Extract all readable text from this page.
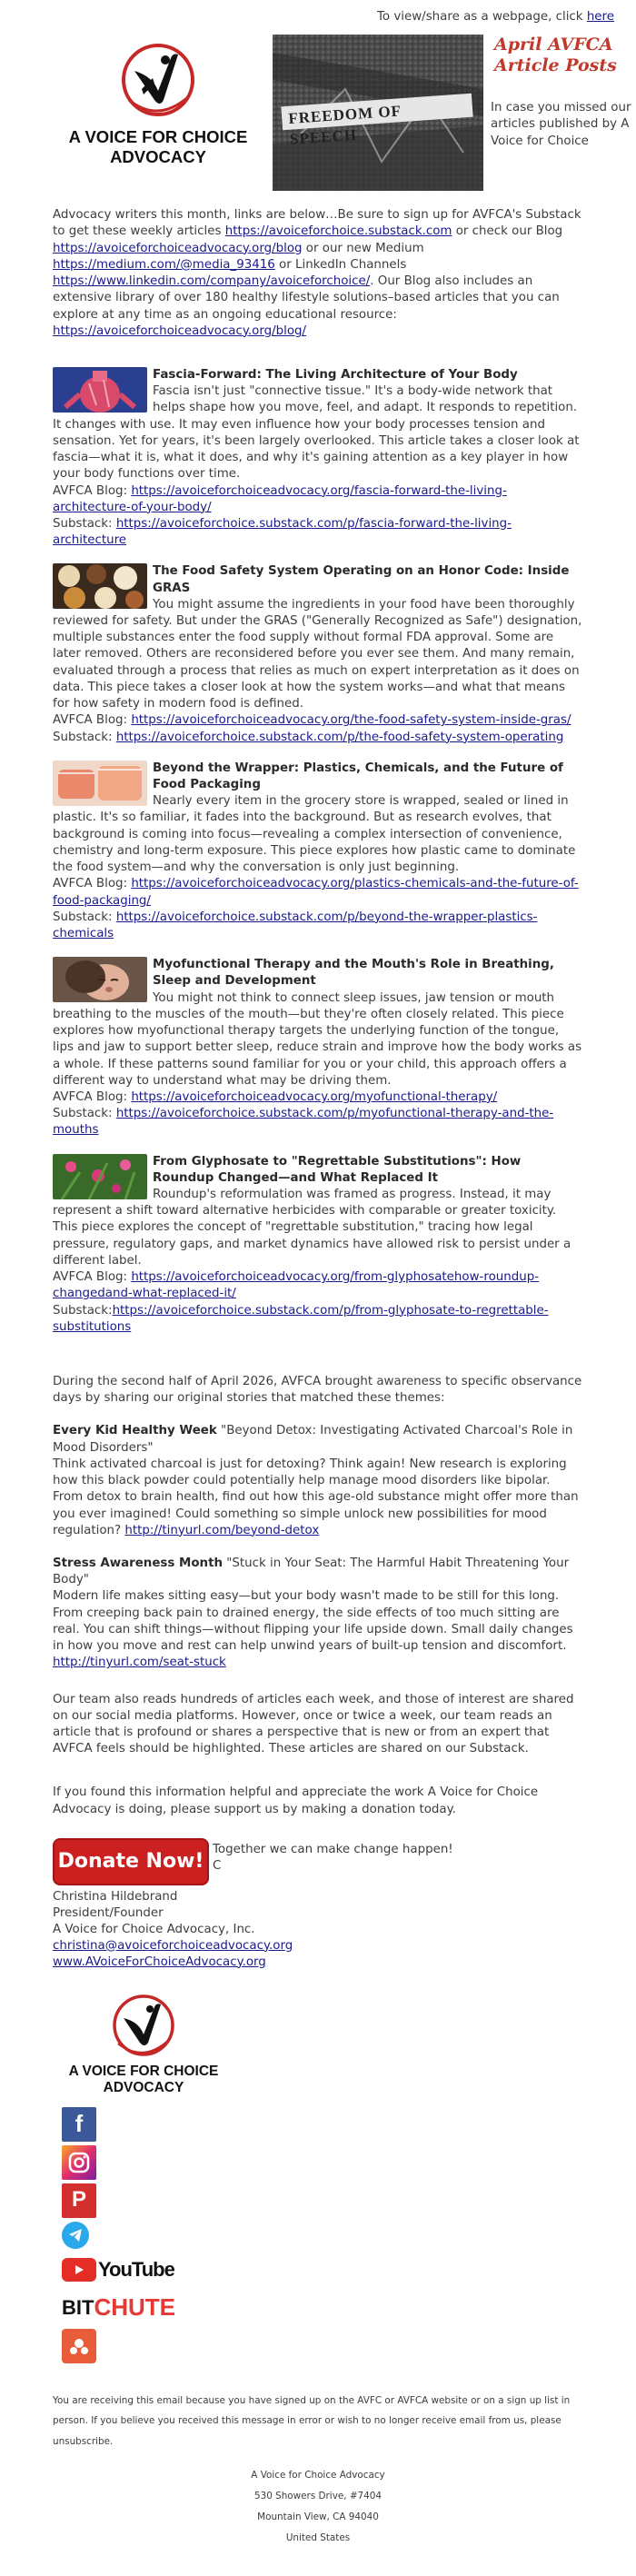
To view/share as a webpage, click here
A VOICE FOR CHOICE
ADVOCACY
FREEDOM OF SPEECH
April AVFCA Article Posts
In case you missed our articles published by A Voice for Choice
Advocacy writers this month, links are below…Be sure to sign up for AVFCA's Substack to get these weekly articles https://avoiceforchoice.substack.com or check our Blog https://avoiceforchoiceadvocacy.org/blog or our new Medium https://medium.com/@media_93416 or LinkedIn Channels https://www.linkedin.com/company/avoiceforchoice/. Our Blog also includes an extensive library of over 180 healthy lifestyle solutions–based articles that you can explore at any time as an ongoing educational resource: https://avoiceforchoiceadvocacy.org/blog/
Fascia-Forward: The Living Architecture of Your Body
Fascia isn't just "connective tissue." It's a body-wide network that helps shape how you move, feel, and adapt. It responds to repetition. It changes with use. It may even influence how your body processes tension and sensation. Yet for years, it's been largely overlooked. This article takes a closer look at fascia—what it is, what it does, and why it's gaining attention as a key player in how your body functions over time.
AVFCA Blog: https://avoiceforchoiceadvocacy.org/fascia-forward-the-living-architecture-of-your-body/
Substack: https://avoiceforchoice.substack.com/p/fascia-forward-the-living-architecture
The Food Safety System Operating on an Honor Code: Inside GRAS
You might assume the ingredients in your food have been thoroughly reviewed for safety. But under the GRAS ("Generally Recognized as Safe") designation, multiple substances enter the food supply without formal FDA approval. Some are later removed. Others are reconsidered before you ever see them. And many remain, evaluated through a process that relies as much on expert interpretation as it does on data. This piece takes a closer look at how the system works—and what that means for how safety in modern food is defined.
AVFCA Blog: https://avoiceforchoiceadvocacy.org/the-food-safety-system-inside-gras/
Substack: https://avoiceforchoice.substack.com/p/the-food-safety-system-operating
Beyond the Wrapper: Plastics, Chemicals, and the Future of Food Packaging
Nearly every item in the grocery store is wrapped, sealed or lined in plastic. It's so familiar, it fades into the background. But as research evolves, that background is coming into focus—revealing a complex intersection of convenience, chemistry and long-term exposure. This piece explores how plastic came to dominate the food system—and why the conversation is only just beginning.
AVFCA Blog: https://avoiceforchoiceadvocacy.org/plastics-chemicals-and-the-future-of-food-packaging/
Substack: https://avoiceforchoice.substack.com/p/beyond-the-wrapper-plastics-chemicals
Myofunctional Therapy and the Mouth's Role in Breathing, Sleep and Development
You might not think to connect sleep issues, jaw tension or mouth breathing to the muscles of the mouth—but they're often closely related. This piece explores how myofunctional therapy targets the underlying function of the tongue, lips and jaw to support better sleep, reduce strain and improve how the body works as a whole. If these patterns sound familiar for you or your child, this approach offers a different way to understand what may be driving them.
AVFCA Blog: https://avoiceforchoiceadvocacy.org/myofunctional-therapy/
Substack: https://avoiceforchoice.substack.com/p/myofunctional-therapy-and-the-mouths
From Glyphosate to "Regrettable Substitutions": How Roundup Changed—and What Replaced It
Roundup's reformulation was framed as progress. Instead, it may represent a shift toward alternative herbicides with comparable or greater toxicity. This piece explores the concept of "regrettable substitution," tracing how legal pressure, regulatory gaps, and market dynamics have allowed risk to persist under a different label.
AVFCA Blog: https://avoiceforchoiceadvocacy.org/from-glyphosatehow-roundup-changedand-what-replaced-it/
Substack:https://avoiceforchoice.substack.com/p/from-glyphosate-to-regrettable-substitutions
During the second half of April 2026, AVFCA brought awareness to specific observance days by sharing our original stories that matched these themes:
Every Kid Healthy Week "Beyond Detox: Investigating Activated Charcoal's Role in Mood Disorders"
Think activated charcoal is just for detoxing? Think again! New research is exploring how this black powder could potentially help manage mood disorders like bipolar. From detox to brain health, find out how this age-old substance might offer more than you ever imagined! Could something so simple unlock new possibilities for mood regulation? http://tinyurl.com/beyond-detox
Stress Awareness Month "Stuck in Your Seat: The Harmful Habit Threatening Your Body"
Modern life makes sitting easy—but your body wasn't made to be still for this long. From creeping back pain to drained energy, the side effects of too much sitting are real. You can shift things—without flipping your life upside down. Small daily changes in how you move and rest can help unwind years of built-up tension and discomfort.
http://tinyurl.com/seat-stuck
Our team also reads hundreds of articles each week, and those of interest are shared on our social media platforms. However, once or twice a week, our team reads an article that is profound or shares a perspective that is new or from an expert that AVFCA feels should be highlighted. These articles are shared on our Substack.
If you found this information helpful and appreciate the work A Voice for Choice Advocacy is doing, please support us by making a donation today.
Donate Now!
Together we can make change happen!
C
Christina Hildebrand
President/Founder
A Voice for Choice Advocacy, Inc.
christina@avoiceforchoiceadvocacy.org
www.AVoiceForChoiceAdvocacy.org
A VOICE FOR CHOICE
ADVOCACY
f
P
YouTube
BIT CHUTE
You are receiving this email because you have signed up on the AVFC or AVFCA website or on a sign up list in person. If you believe you received this message in error or wish to no longer receive email from us, please unsubscribe.
A Voice for Choice Advocacy
530 Showers Drive, #7404
Mountain View, CA 94040
United States
